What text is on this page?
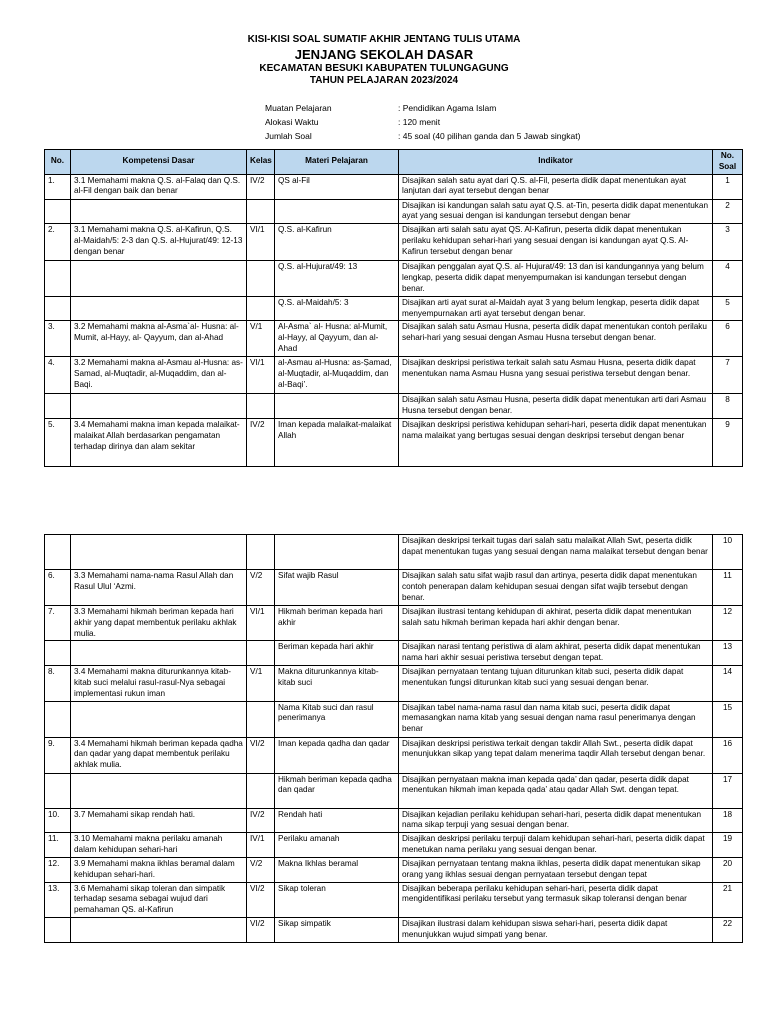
KISI-KISI SOAL SUMATIF AKHIR JENTANG TULIS UTAMA
JENJANG SEKOLAH DASAR
KECAMATAN BESUKI KABUPATEN TULUNGAGUNG
TAHUN PELAJARAN 2023/2024
Muatan Pelajaran	: Pendidikan Agama Islam
Alokasi Waktu	: 120 menit
Jumlah Soal	: 45 soal (40 pilihan ganda dan 5 Jawab singkat)
No.	Kompetensi Dasar	Kelas	Materi Pelajaran	Indikator	No. Soal
1.	3.1 Memahami makna Q.S. al-Falaq dan Q.S. al-Fil dengan baik dan benar	IV/2	QS al-Fil	Disajikan salah satu ayat dari Q.S. al-Fil, peserta didik dapat menentukan ayat lanjutan dari ayat tersebut dengan benar	1
				Disajikan isi kandungan salah satu ayat Q.S. at-Tin, peserta didik dapat menentukan ayat yang sesuai dengan isi kandungan tersebut dengan benar	2
2.	3.1 Memahami makna Q.S. al-Kafirun, Q.S. al-Maidah/5: 2-3 dan Q.S. al-Hujurat/49: 12-13 dengan benar	VI/1	Q.S. al-Kafirun	Disajikan arti salah satu ayat QS. Al-Kafirun, peserta didik dapat menentukan perilaku kehidupan sehari-hari yang sesuai dengan isi kandungan ayat Q.S. Al-Kafirun tersebut dengan benar	3
			Q.S. al-Hujurat/49: 13	Disajikan penggalan ayat Q.S. al- Hujurat/49: 13 dan isi kandungannya yang belum lengkap, peserta didik dapat menyempurnakan isi kandungan tersebut dengan benar.	4
			Q.S. al-Maidah/5: 3	Disajikan arti ayat surat al-Maidah ayat 3 yang belum lengkap, peserta didik dapat menyempurnakan arti ayat tersebut dengan benar.	5
3.	3.2 Memahami makna al-Asma`al- Husna: al-Mumit, al-Hayy, al- Qayyum, dan al-Ahad	V/1	Al-Asma` al- Husna: al-Mumit, al-Hayy, al Qayyum, dan al-Ahad	Disajikan salah satu Asmau Husna, peserta didik dapat menentukan contoh perilaku sehari-hari yang sesuai dengan Asmau Husna tersebut dengan benar.	6
4.	3.2 Memahami makna al-Asmau al-Husna: as-Samad, al-Muqtadir, al-Muqaddim, dan al-Baqi.	VI/1	al-Asmau al-Husna: as-Ṣamad, al-Muqtadir, al-Muqaddim, dan al-Baqi’.	Disajikan deskripsi peristiwa terkait salah satu Asmau Husna, peserta didik dapat menentukan nama Asmau Husna yang sesuai peristiwa tersebut dengan benar.	7
				Disajikan salah satu Asmau Husna, peserta didik dapat menentukan arti dari Asmau Husna tersebut dengan benar.	8
5.	3.4 Memahami makna iman kepada malaikat-malaikat Allah berdasarkan pengamatan terhadap dirinya dan alam sekitar	IV/2	Iman kepada malaikat-malaikat Allah	Disajikan deskripsi peristiwa kehidupan sehari-hari, peserta didik dapat menentukan nama malaikat yang bertugas sesuai dengan deskripsi tersebut dengan benar	9
				Disajikan deskripsi terkait tugas dari salah satu malaikat Allah Swt, peserta didik dapat menentukan tugas yang sesuai dengan nama malaikat tersebut dengan benar	10
6.	3.3 Memahami nama-nama Rasul Allah dan Rasul Ulul ‘Azmi.	V/2	Sifat wajib Rasul	Disajikan salah satu sifat wajib rasul dan artinya, peserta didik dapat menentukan contoh penerapan dalam kehidupan sesuai dengan sifat wajib tersebut dengan benar.	11
7.	3.3 Memahami hikmah beriman kepada hari akhir yang dapat membentuk perilaku akhlak mulia.	VI/1	Hikmah beriman kepada hari akhir	Disajikan ilustrasi tentang kehidupan di akhirat, peserta didik dapat menentukan salah satu hikmah beriman kepada hari akhir dengan benar.	12
			Beriman kepada hari akhir	Disajikan narasi tentang peristiwa di alam akhirat, peserta didik dapat menentukan nama hari akhir sesuai peristiwa tersebut dengan tepat.	13
8.	3.4 Memahami makna diturunkannya kitab-kitab suci melalui rasul-rasul-Nya sebagai implementasi rukun iman	V/1	Makna diturunkannya kitab-kitab suci	Disajikan pernyataan tentang tujuan diturunkan kitab suci, peserta didik dapat menentukan fungsi diturunkan kitab suci yang sesuai dengan benar.	14
			Nama Kitab suci dan rasul penerimanya	Disajikan tabel nama-nama rasul dan nama kitab suci, peserta didik dapat memasangkan nama kitab yang sesuai dengan nama rasul penerimanya dengan benar	15
9.	3.4 Memahami hikmah beriman kepada qadha dan qadar yang dapat membentuk perilaku akhlak mulia.	VI/2	Iman kepada qadha dan qadar	Disajikan deskripsi peristiwa terkait dengan takdir Allah Swt., peserta didik dapat menunjukkan sikap yang tepat dalam menerima taqdir Allah tersebut dengan benar.	16
			Hikmah beriman kepada qadha dan qadar	Disajikan pernyataan makna iman kepada qada’ dan qadar, peserta didik dapat menentukan hikmah iman kepada qada’ atau qadar Allah Swt. dengan tepat.	17
10.	3.7 Memahami sikap rendah hati.	IV/2	Rendah hati	Disajikan kejadian perilaku kehidupan sehari-hari, peserta didik dapat menentukan nama sikap terpuji yang sesuai dengan benar.	18
11.	3.10 Memahami makna perilaku amanah dalam kehidupan sehari-hari	IV/1	Perilaku amanah	Disajikan deskripsi perilaku terpuji dalam kehidupan sehari-hari, peserta didik dapat menetukan nama perilaku yang sesuai dengan benar.	19
12.	3.9 Memahami makna ikhlas beramal dalam kehidupan sehari-hari.	V/2	Makna Ikhlas beramal	Disajikan pernyataan tentang makna ikhlas, peserta didik dapat menentukan sikap orang yang ikhlas sesuai dengan pernyataan tersebut dengan tepat	20
13.	3.6 Memahami sikap toleran dan simpatik terhadap sesama sebagai wujud dari pemahaman QS. al-Kafirun	VI/2	Sikap toleran	Disajikan beberapa perilaku kehidupan sehari-hari, peserta didik dapat mengidentifikasi perilaku tersebut yang termasuk sikap toleransi dengan benar	21
		VI/2	Sikap simpatik	Disajikan ilustrasi dalam kehidupan siswa sehari-hari, peserta didik dapat menunjukkan wujud simpati yang benar.	22
